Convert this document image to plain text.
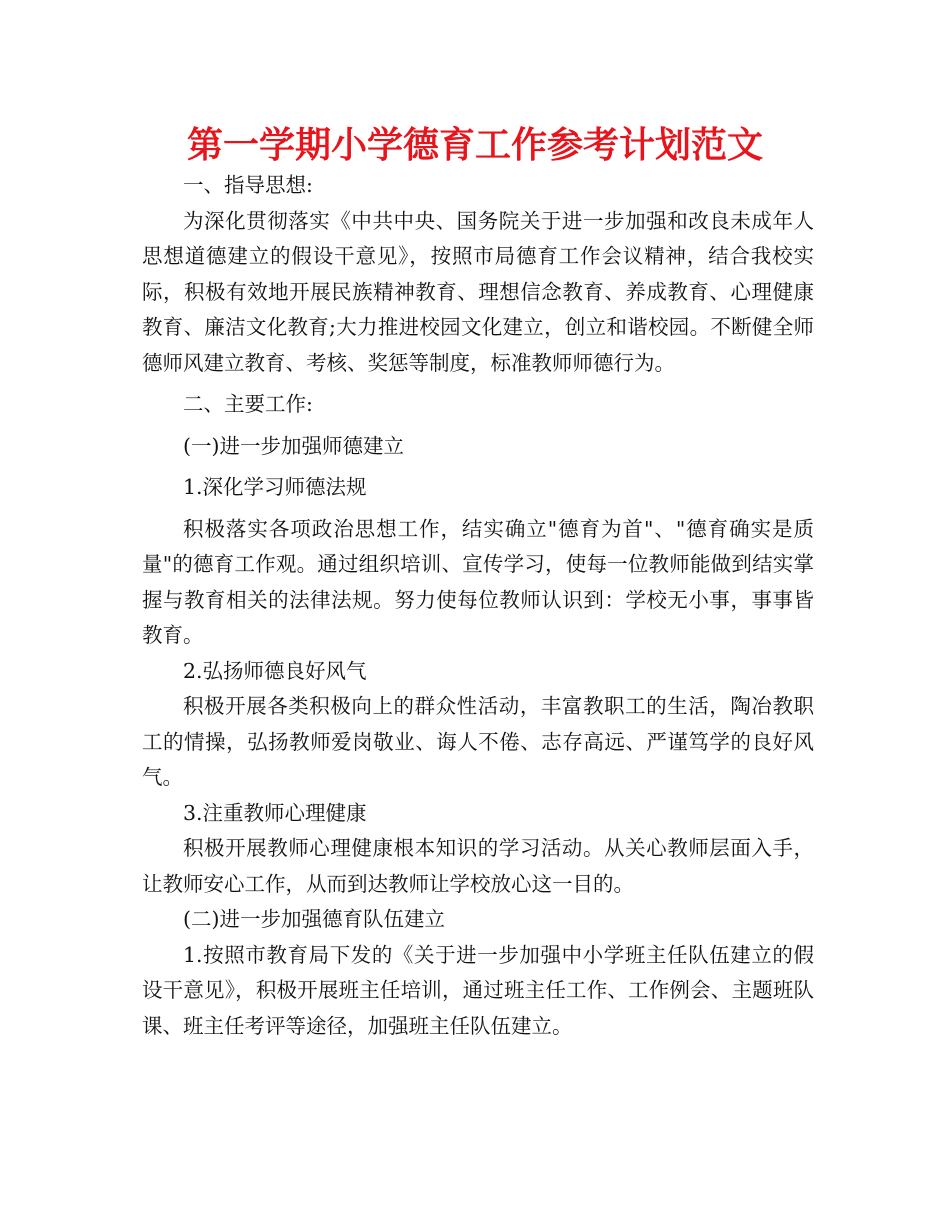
第一学期小学德育工作参考计划范文

一、指导思想:

为深化贯彻落实《中共中央、国务院关于进一步加强和改良未成年人思想道德建立的假设干意见》，按照市局德育工作会议精神，结合我校实际，积极有效地开展民族精神教育、理想信念教育、养成教育、心理健康教育、廉洁文化教育;大力推进校园文化建立，创立和谐校园。不断健全师德师风建立教育、考核、奖惩等制度，标准教师师德行为。

二、主要工作:

(一)进一步加强师德建立

1.深化学习师德法规

积极落实各项政治思想工作，结实确立"德育为首"、"德育确实是质量"的德育工作观。通过组织培训、宣传学习，使每一位教师能做到结实掌握与教育相关的法律法规。努力使每位教师认识到：学校无小事，事事皆教育。

2.弘扬师德良好风气

积极开展各类积极向上的群众性活动，丰富教职工的生活，陶冶教职工的情操，弘扬教师爱岗敬业、诲人不倦、志存高远、严谨笃学的良好风气。

3.注重教师心理健康

积极开展教师心理健康根本知识的学习活动。从关心教师层面入手，让教师安心工作，从而到达教师让学校放心这一目的。

(二)进一步加强德育队伍建立

1.按照市教育局下发的《关于进一步加强中小学班主任队伍建立的假设干意见》，积极开展班主任培训，通过班主任工作、工作例会、主题班队课、班主任考评等途径，加强班主任队伍建立。
